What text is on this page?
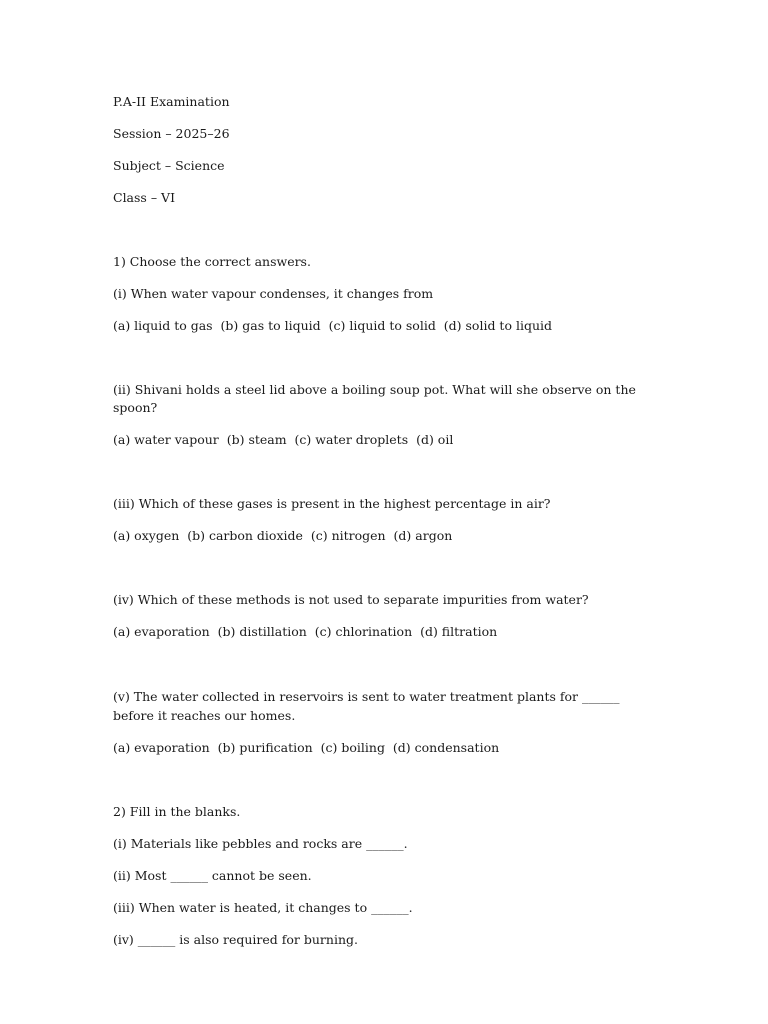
P.A-II Examination
Session – 2025–26
Subject – Science
Class – VI
1) Choose the correct answers.
(i) When water vapour condenses, it changes from
(a) liquid to gas  (b) gas to liquid  (c) liquid to solid  (d) solid to liquid
(ii) Shivani holds a steel lid above a boiling soup pot. What will she observe on the spoon?
(a) water vapour  (b) steam  (c) water droplets  (d) oil
(iii) Which of these gases is present in the highest percentage in air?
(a) oxygen  (b) carbon dioxide  (c) nitrogen  (d) argon
(iv) Which of these methods is not used to separate impurities from water?
(a) evaporation  (b) distillation  (c) chlorination  (d) filtration
(v) The water collected in reservoirs is sent to water treatment plants for ______ before it reaches our homes.
(a) evaporation  (b) purification  (c) boiling  (d) condensation
2) Fill in the blanks.
(i) Materials like pebbles and rocks are ______.
(ii) Most ______ cannot be seen.
(iii) When water is heated, it changes to ______.
(iv) ______ is also required for burning.
